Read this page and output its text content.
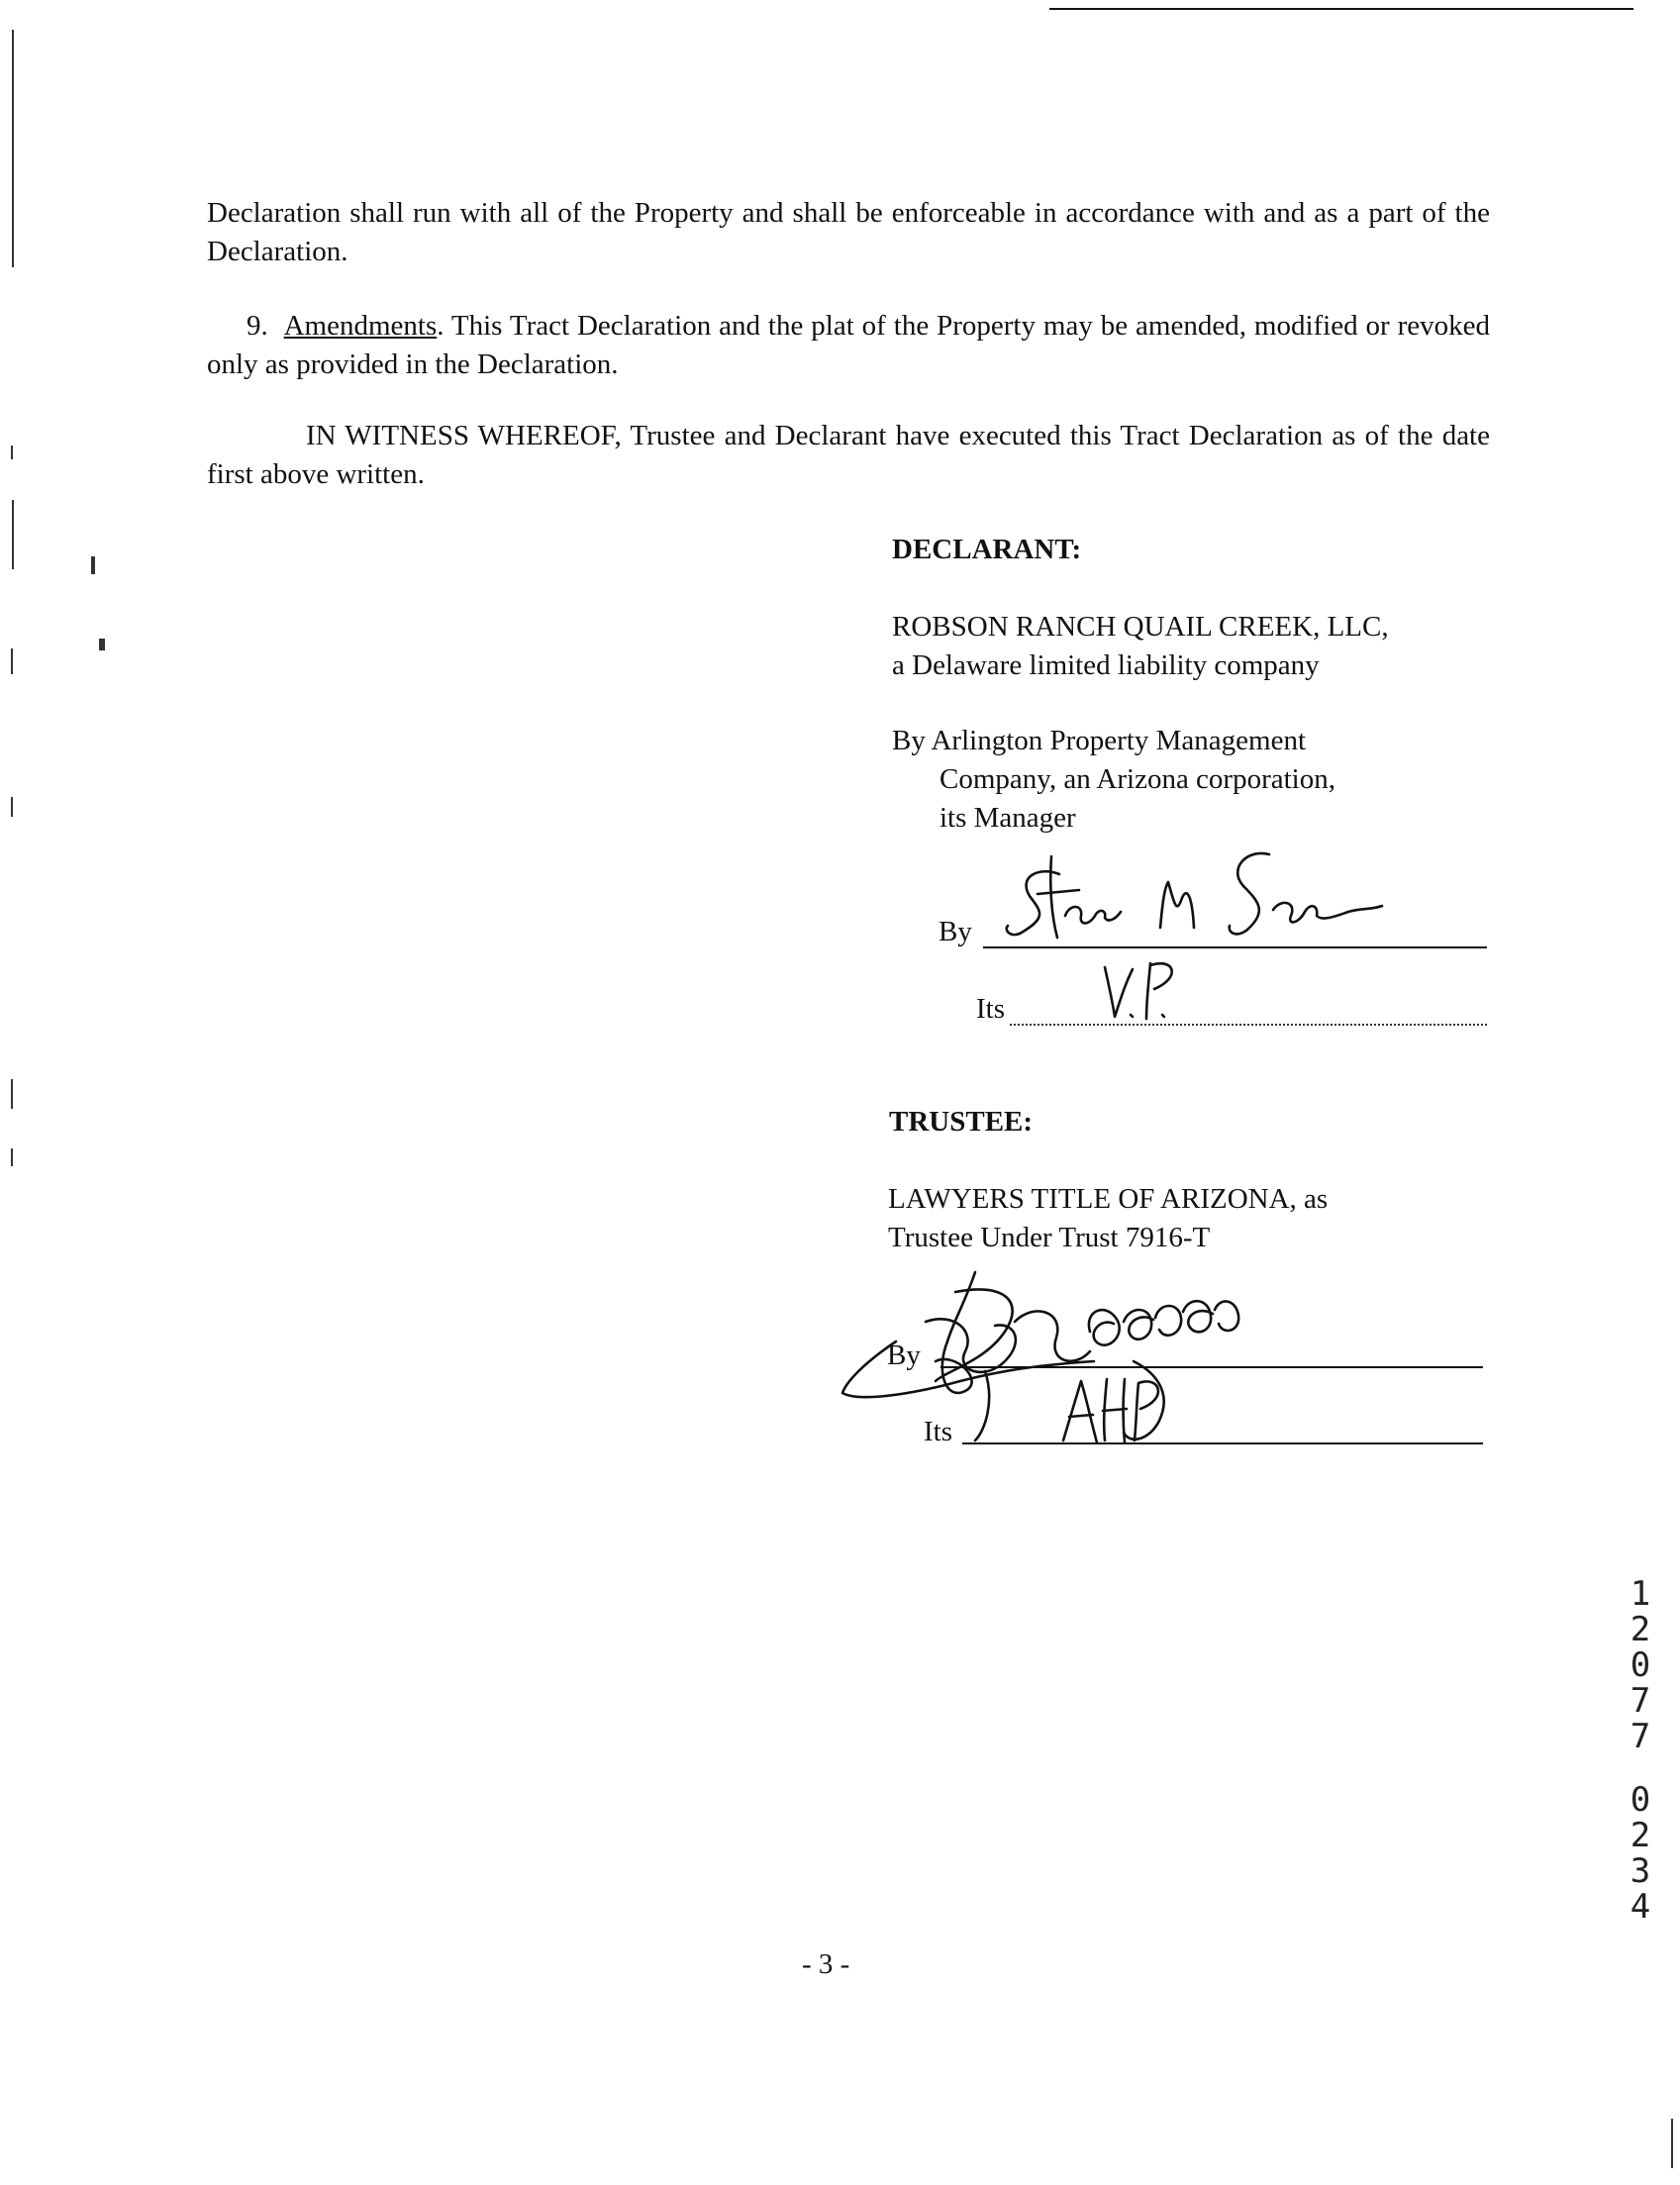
Declaration shall run with all of the Property and shall be enforceable in accordance with and as a part of the Declaration.

9. Amendments. This Tract Declaration and the plat of the Property may be amended, modified or revoked only as provided in the Declaration.

IN WITNESS WHEREOF, Trustee and Declarant have executed this Tract Declaration as of the date first above written.

DECLARANT:
ROBSON RANCH QUAIL CREEK, LLC,
a Delaware limited liability company
By Arlington Property Management
Company, an Arizona corporation,
its Manager
By
Its
TRUSTEE:
LAWYERS TITLE OF ARIZONA, as
Trustee Under Trust 7916-T
By
Its
1
2
0
7
7
0
2
3
4
- 3 -
